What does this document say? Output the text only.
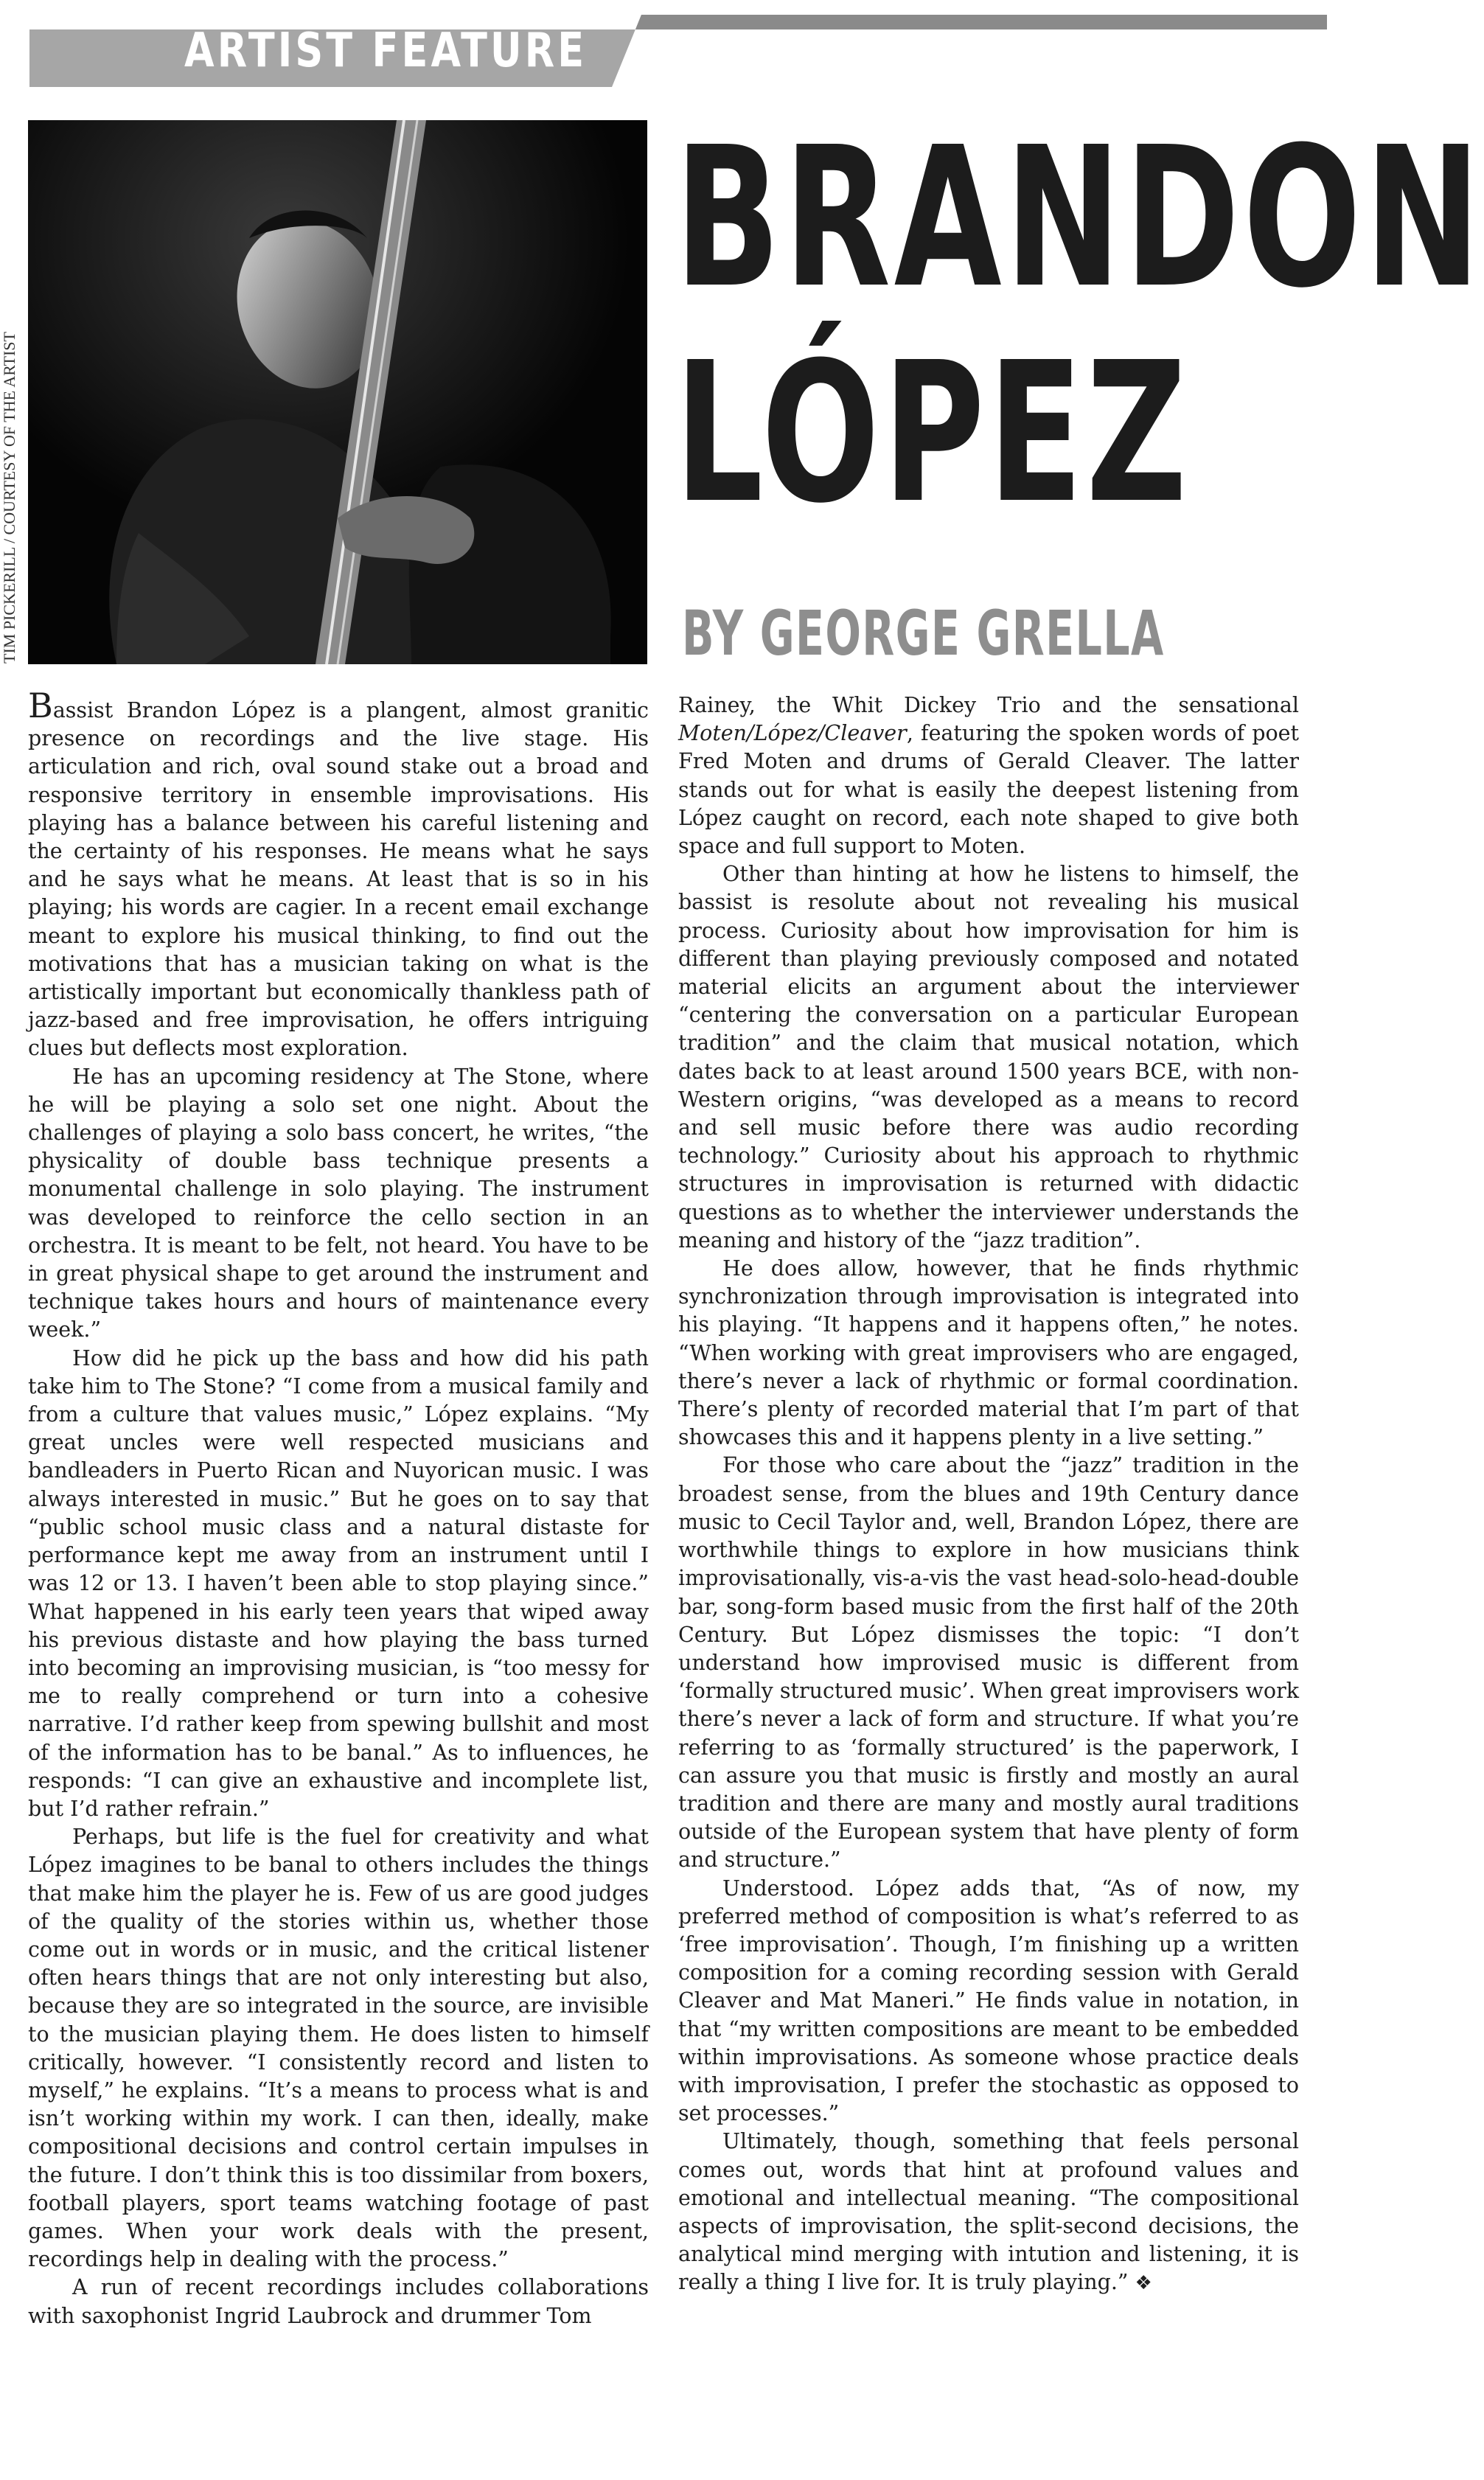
ARTIST FEATURE
TIM PICKERILL / COURTESY OF THE ARTIST
BRANDON
LÓPEZ
BY GEORGE GRELLA

Bassist Brandon López is a plangent, almost granitic presence on recordings and the live stage. His articulation and rich, oval sound stake out a broad and responsive territory in ensemble improvisations. His playing has a balance between his careful listening and the certainty of his responses. He means what he says and he says what he means. At least that is so in his playing; his words are cagier. In a recent email exchange meant to explore his musical thinking, to find out the motivations that has a musician taking on what is the artistically important but economically thankless path of jazz-based and free improvisation, he offers intriguing clues but deflects most exploration.

He has an upcoming residency at The Stone, where he will be playing a solo set one night. About the challenges of playing a solo bass concert, he writes, “the physicality of double bass technique presents a monumental challenge in solo playing. The instrument was developed to reinforce the cello section in an orchestra. It is meant to be felt, not heard. You have to be in great physical shape to get around the instrument and technique takes hours and hours of maintenance every week.”

How did he pick up the bass and how did his path take him to The Stone? “I come from a musical family and from a culture that values music,” López explains. “My great uncles were well respected musicians and bandleaders in Puerto Rican and Nuyorican music. I was always interested in music.” But he goes on to say that “public school music class and a natural distaste for performance kept me away from an instrument until I was 12 or 13. I haven’t been able to stop playing since.” What happened in his early teen years that wiped away his previous distaste and how playing the bass turned into becoming an improvising musician, is “too messy for me to really comprehend or turn into a cohesive narrative. I’d rather keep from spewing bullshit and most of the information has to be banal.” As to influences, he responds: “I can give an exhaustive and incomplete list, but I’d rather refrain.”

Perhaps, but life is the fuel for creativity and what López imagines to be banal to others includes the things that make him the player he is. Few of us are good judges of the quality of the stories within us, whether those come out in words or in music, and the critical listener often hears things that are not only interesting but also, because they are so integrated in the source, are invisible to the musician playing them. He does listen to himself critically, however. “I consistently record and listen to myself,” he explains. “It’s a means to process what is and isn’t working within my work. I can then, ideally, make compositional decisions and control certain impulses in the future. I don’t think this is too dissimilar from boxers, football players, sport teams watching footage of past games. When your work deals with the present, recordings help in dealing with the process.”

A run of recent recordings includes collaborations with saxophonist Ingrid Laubrock and drummer Tom

Rainey, the Whit Dickey Trio and the sensational Moten/López/Cleaver, featuring the spoken words of poet Fred Moten and drums of Gerald Cleaver. The latter stands out for what is easily the deepest listening from López caught on record, each note shaped to give both space and full support to Moten.

Other than hinting at how he listens to himself, the bassist is resolute about not revealing his musical process. Curiosity about how improvisation for him is different than playing previously composed and notated material elicits an argument about the interviewer “centering the conversation on a particular European tradition” and the claim that musical notation, which dates back to at least around 1500 years BCE, with non-Western origins, “was developed as a means to record and sell music before there was audio recording technology.” Curiosity about his approach to rhythmic structures in improvisation is returned with didactic questions as to whether the interviewer understands the meaning and history of the “jazz tradition”.

He does allow, however, that he finds rhythmic synchronization through improvisation is integrated into his playing. “It happens and it happens often,” he notes. “When working with great improvisers who are engaged, there’s never a lack of rhythmic or formal coordination. There’s plenty of recorded material that I’m part of that showcases this and it happens plenty in a live setting.”

For those who care about the “jazz” tradition in the broadest sense, from the blues and 19th Century dance music to Cecil Taylor and, well, Brandon López, there are worthwhile things to explore in how musicians think improvisationally, vis-a-vis the vast head-solo-head-double bar, song-form based music from the first half of the 20th Century. But López dismisses the topic: “I don’t understand how improvised music is different from ‘formally structured music’. When great improvisers work there’s never a lack of form and structure. If what you’re referring to as ‘formally structured’ is the paperwork, I can assure you that music is firstly and mostly an aural tradition and there are many and mostly aural traditions outside of the European system that have plenty of form and structure.”

Understood. López adds that, “As of now, my preferred method of composition is what’s referred to as ‘free improvisation’. Though, I’m finishing up a written composition for a coming recording session with Gerald Cleaver and Mat Maneri.” He finds value in notation, in that “my written compositions are meant to be embedded within improvisations. As someone whose practice deals with improvisation, I prefer the stochastic as opposed to set processes.”

Ultimately, though, something that feels personal comes out, words that hint at profound values and emotional and intellectual meaning. “The compositional aspects of improvisation, the split-second decisions, the analytical mind merging with intution and listening, it is really a thing I live for. It is truly playing.” ❖
